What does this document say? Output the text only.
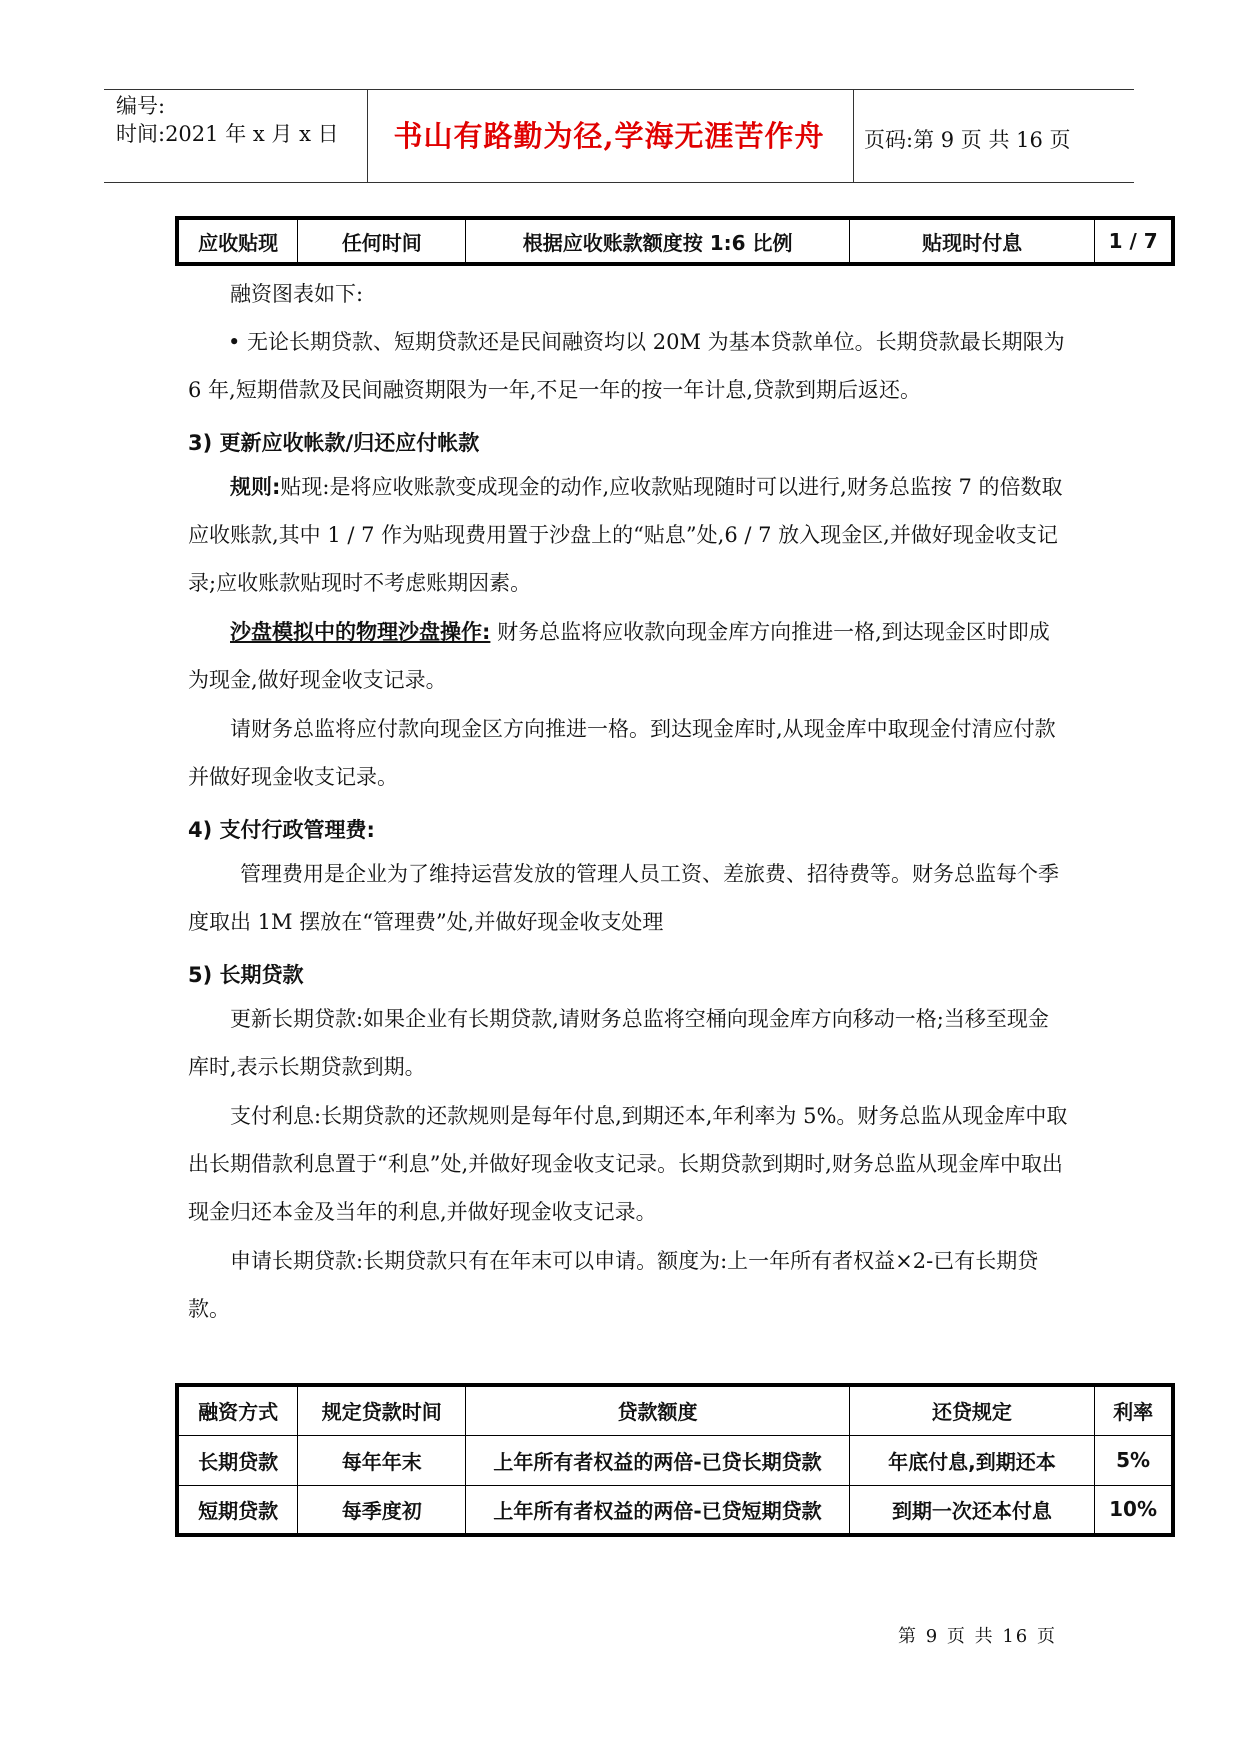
编号:
时间:2021 年 x 月 x 日	书山有路勤为径,学海无涯苦作舟	页码:第 9 页 共 16 页
应收贴现	任何时间	根据应收账款额度按 1:6 比例	贴现时付息	1 / 7
融资图表如下:
• 无论长期贷款、短期贷款还是民间融资均以 20M 为基本贷款单位。长期贷款最长期限为 6 年,短期借款及民间融资期限为一年,不足一年的按一年计息,贷款到期后返还。
3) 更新应收帐款/归还应付帐款
规则:贴现:是将应收账款变成现金的动作,应收款贴现随时可以进行,财务总监按 7 的倍数取应收账款,其中 1 / 7 作为贴现费用置于沙盘上的“贴息”处,6 / 7 放入现金区,并做好现金收支记录;应收账款贴现时不考虑账期因素。
沙盘模拟中的物理沙盘操作: 财务总监将应收款向现金库方向推进一格,到达现金区时即成为现金,做好现金收支记录。
请财务总监将应付款向现金区方向推进一格。到达现金库时,从现金库中取现金付清应付款并做好现金收支记录。
4) 支付行政管理费:
管理费用是企业为了维持运营发放的管理人员工资、差旅费、招待费等。财务总监每个季度取出 1M 摆放在“管理费”处,并做好现金收支处理
5) 长期贷款
更新长期贷款:如果企业有长期贷款,请财务总监将空桶向现金库方向移动一格;当移至现金库时,表示长期贷款到期。
支付利息:长期贷款的还款规则是每年付息,到期还本,年利率为 5%。财务总监从现金库中取出长期借款利息置于“利息”处,并做好现金收支记录。长期贷款到期时,财务总监从现金库中取出现金归还本金及当年的利息,并做好现金收支记录。
申请长期贷款:长期贷款只有在年末可以申请。额度为:上一年所有者权益×2-已有长期贷款。
融资方式	规定贷款时间	贷款额度	还贷规定	利率
长期贷款	每年年末	上年所有者权益的两倍-已贷长期贷款	年底付息,到期还本	5%
短期贷款	每季度初	上年所有者权益的两倍-已贷短期贷款	到期一次还本付息	10%
第 9 页 共 16 页
